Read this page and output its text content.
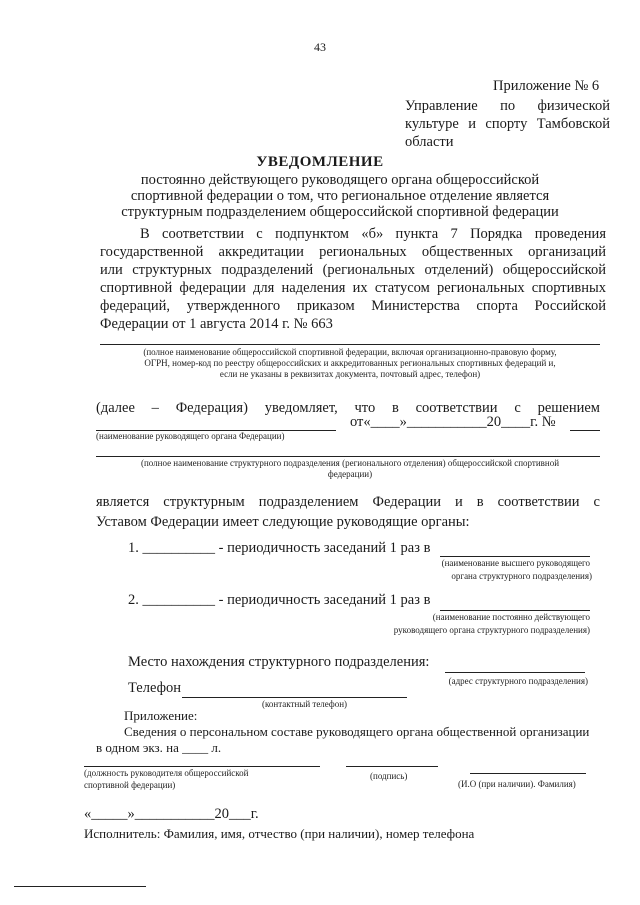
43
Приложение № 6
Управление по физической
культуре и спорту Тамбовской
области
УВЕДОМЛЕНИЕ
постоянно действующего руководящего органа общероссийской
спортивной федерации о том, что региональное отделение является
структурным подразделением общероссийской спортивной федерации
В соответствии с подпунктом «б» пункта 7 Порядка проведения
государственной аккредитации региональных общественных организаций
или структурных подразделений (региональных отделений) общероссийской
спортивной федерации для наделения их статусом региональных спортивных
федераций, утвержденного приказом Министерства спорта Российской
Федерации от 1 августа 2014 г. № 663
(полное наименование общероссийской спортивной федерации, включая организационно-правовую форму,
ОГРН, номер-код по реестру общероссийских и аккредитованных региональных спортивных федераций и,
если не указаны в реквизитах документа, почтовый адрес, телефон)
(далее – Федерация) уведомляет, что в соответствии с решением
(наименование руководящего органа Федерации)
от«____»___________20____г. №
(полное наименование структурного подразделения (регионального отделения) общероссийской спортивной
федерации)
является структурным подразделением Федерации и в соответствии с
Уставом Федерации имеет следующие руководящие органы:
1. __________ - периодичность заседаний 1 раз в
(наименование высшего руководящего
органа структурного подразделения)
2. __________ - периодичность заседаний 1 раз в
(наименование постоянно действующего
руководящего органа структурного подразделения)
Место нахождения структурного подразделения:
(адрес структурного подразделения)
Телефон
(контактный телефон)
Приложение:
Сведения о персональном составе руководящего органа общественной организации
в одном экз. на ____ л.
(должность руководителя общероссийской
спортивной федерации)
(подпись)
(И.О (при наличии). Фамилия)
«_____»___________20___г.
Исполнитель: Фамилия, имя, отчество (при наличии), номер телефона
